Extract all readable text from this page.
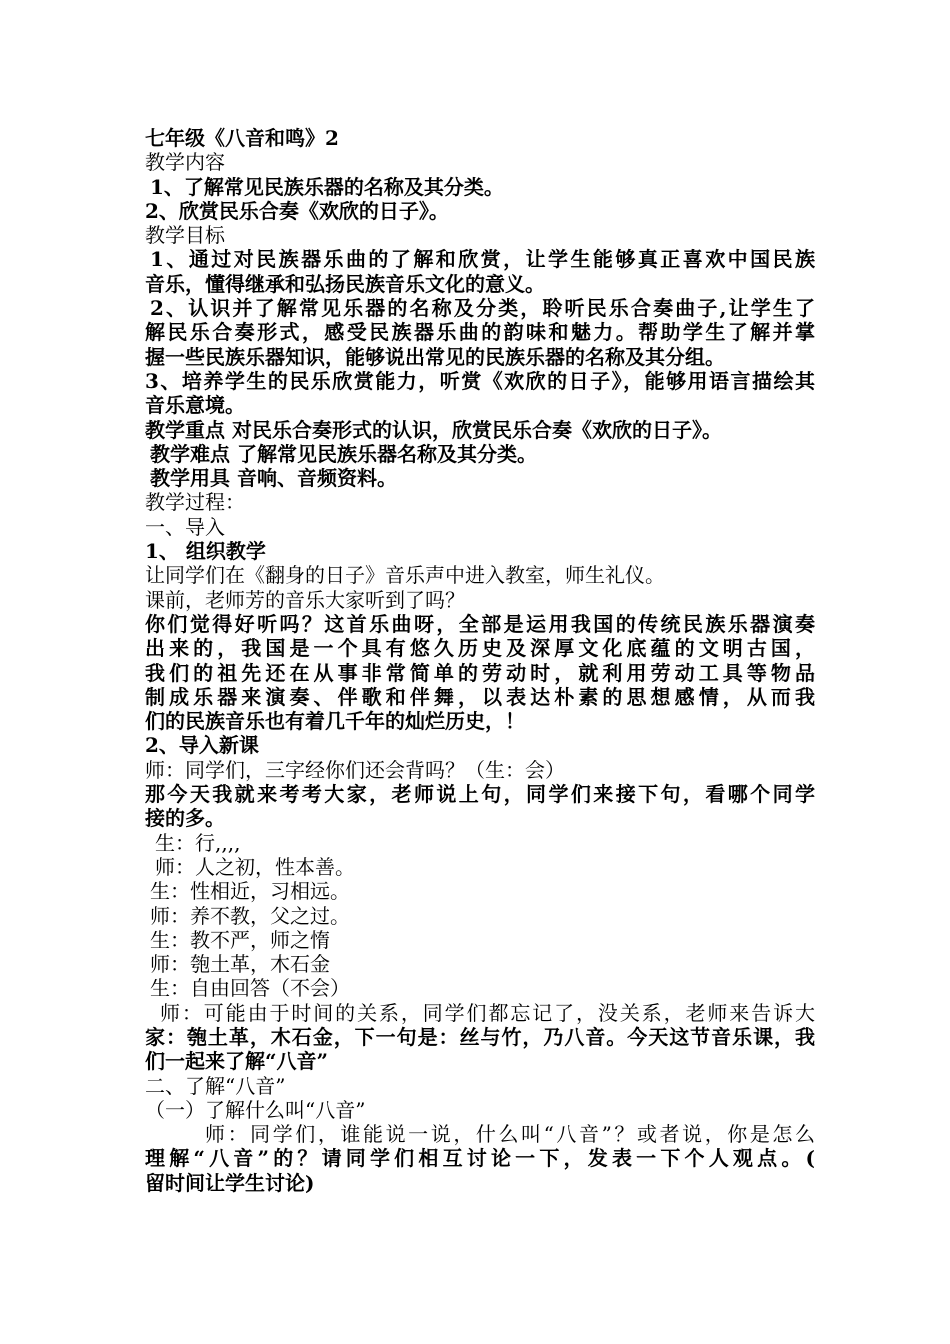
七年级《八音和鸣》2
教学内容
1、了解常见民族乐器的名称及其分类。
2、欣赏民乐合奏《欢欣的日子》。
教学目标
1、通过对民族器乐曲的了解和欣赏，让学生能够真正喜欢中国民族
音乐，懂得继承和弘扬民族音乐文化的意义。
2、认识并了解常见乐器的名称及分类，聆听民乐合奏曲子,让学生了
解民乐合奏形式，感受民族器乐曲的韵味和魅力。帮助学生了解并掌
握一些民族乐器知识，能够说出常见的民族乐器的名称及其分组。
3、培养学生的民乐欣赏能力，听赏《欢欣的日子》，能够用语言描绘其
音乐意境。
教学重点 对民乐合奏形式的认识，欣赏民乐合奏《欢欣的日子》。
教学难点 了解常见民族乐器名称及其分类。
教学用具 音响、音频资料。
教学过程：
一、导入
1、 组织教学
让同学们在《翻身的日子》音乐声中进入教室，师生礼仪。
课前，老师芳的音乐大家听到了吗？
你们觉得好听吗？这首乐曲呀，全部是运用我国的传统民族乐器演奏
出来的，我国是一个具有悠久历史及深厚文化底蕴的文明古国，
我们的祖先还在从事非常简单的劳动时，就利用劳动工具等物品
制成乐器来演奏、伴歌和伴舞，以表达朴素的思想感情，从而我
们的民族音乐也有着几千年的灿烂历史，！
2、导入新课
师：同学们，三字经你们还会背吗？（生：会）
那今天我就来考考大家，老师说上句，同学们来接下句，看哪个同学
接的多。
生：行,,,,
师：人之初，性本善。
生：性相近，习相远。
师：养不教，父之过。
生：教不严，师之惰
师：匏土革，木石金
生：自由回答（不会）
师：可能由于时间的关系，同学们都忘记了，没关系，老师来告诉大
家：匏土革，木石金，下一句是：丝与竹，乃八音。今天这节音乐课，我
们一起来了解“八音”
二、了解“八音”
（一）了解什么叫“八音”
师：同学们，谁能说一说，什么叫“八音”？或者说，你是怎么
理解“八音”的？请同学们相互讨论一下，发表一下个人观点。(
留时间让学生讨论)
